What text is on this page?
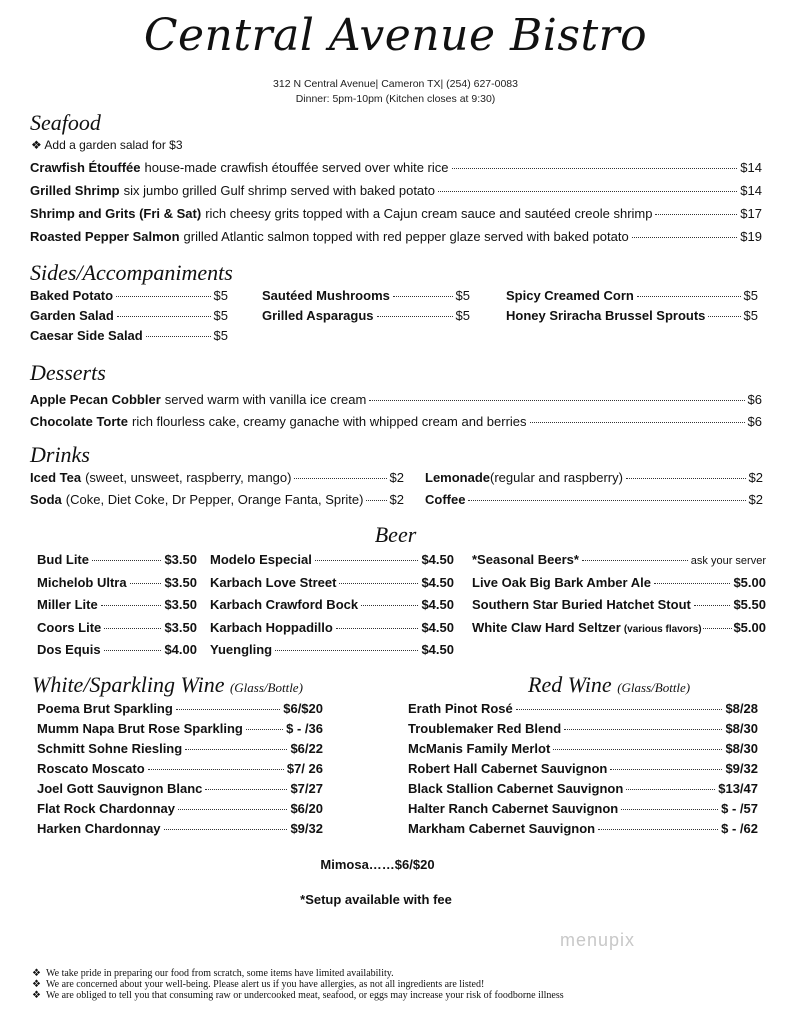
Central Avenue Bistro
312 N Central Avenue| Cameron TX| (254) 627-0083
Dinner: 5pm-10pm (Kitchen closes at 9:30)
Seafood
❖ Add a garden salad for $3
Crawfish Étouffée house-made crawfish étouffée served over white rice	$14
Grilled Shrimp six jumbo grilled Gulf shrimp served with baked potato	$14
Shrimp and Grits (Fri & Sat) rich cheesy grits topped with a Cajun cream sauce and sautéed creole shrimp	$17
Roasted Pepper Salmon grilled Atlantic salmon topped with red pepper glaze served with baked potato	$19
Sides/Accompaniments
Baked Potato	$5
Garden Salad	$5
Caesar Side Salad	$5
Sautéed Mushrooms	$5
Grilled Asparagus	$5
Spicy Creamed Corn	$5
Honey Sriracha Brussel Sprouts	$5
Desserts
Apple Pecan Cobbler served warm with vanilla ice cream	$6
Chocolate Torte rich flourless cake, creamy ganache with whipped cream and berries	$6
Drinks
Iced Tea (sweet, unsweet, raspberry, mango)	$2
Soda (Coke, Diet Coke, Dr Pepper, Orange Fanta, Sprite) $2
Lemonade (regular and raspberry)	$2
Coffee	$2
Beer
Bud Lite	$3.50
Michelob Ultra	$3.50
Miller Lite	$3.50
Coors Lite	$3.50
Dos Equis	$4.00
Modelo Especial	$4.50
Karbach Love Street	$4.50
Karbach Crawford Bock	$4.50
Karbach Hoppadillo	$4.50
Yuengling	$4.50
*Seasonal Beers*	ask your server
Live Oak Big Bark Amber Ale	$5.00
Southern Star Buried Hatchet Stout	$5.50
White Claw Hard Seltzer (various flavors) $5.00
White/Sparkling Wine (Glass/Bottle)
Poema Brut Sparkling	$6/$20
Mumm Napa Brut Rose Sparkling	$ - /36
Schmitt Sohne Riesling	$6/22
Roscato Moscato	$7/ 26
Joel Gott Sauvignon Blanc	$7/27
Flat Rock Chardonnay	$6/20
Harken Chardonnay	$9/32
Red Wine (Glass/Bottle)
Erath Pinot Rosé	$8/28
Troublemaker Red Blend	$8/30
McManis Family Merlot	$8/30
Robert Hall Cabernet Sauvignon	$9/32
Black Stallion Cabernet Sauvignon	$13/47
Halter Ranch Cabernet Sauvignon	$ - /57
Markham Cabernet Sauvignon	$ - /62
Mimosa……$6/$20
*Setup available with fee
menupix
❖ We take pride in preparing our food from scratch, some items have limited availability.
❖ We are concerned about your well-being. Please alert us if you have allergies, as not all ingredients are listed!
❖ We are obliged to tell you that consuming raw or undercooked meat, seafood, or eggs may increase your risk of foodborne illness
